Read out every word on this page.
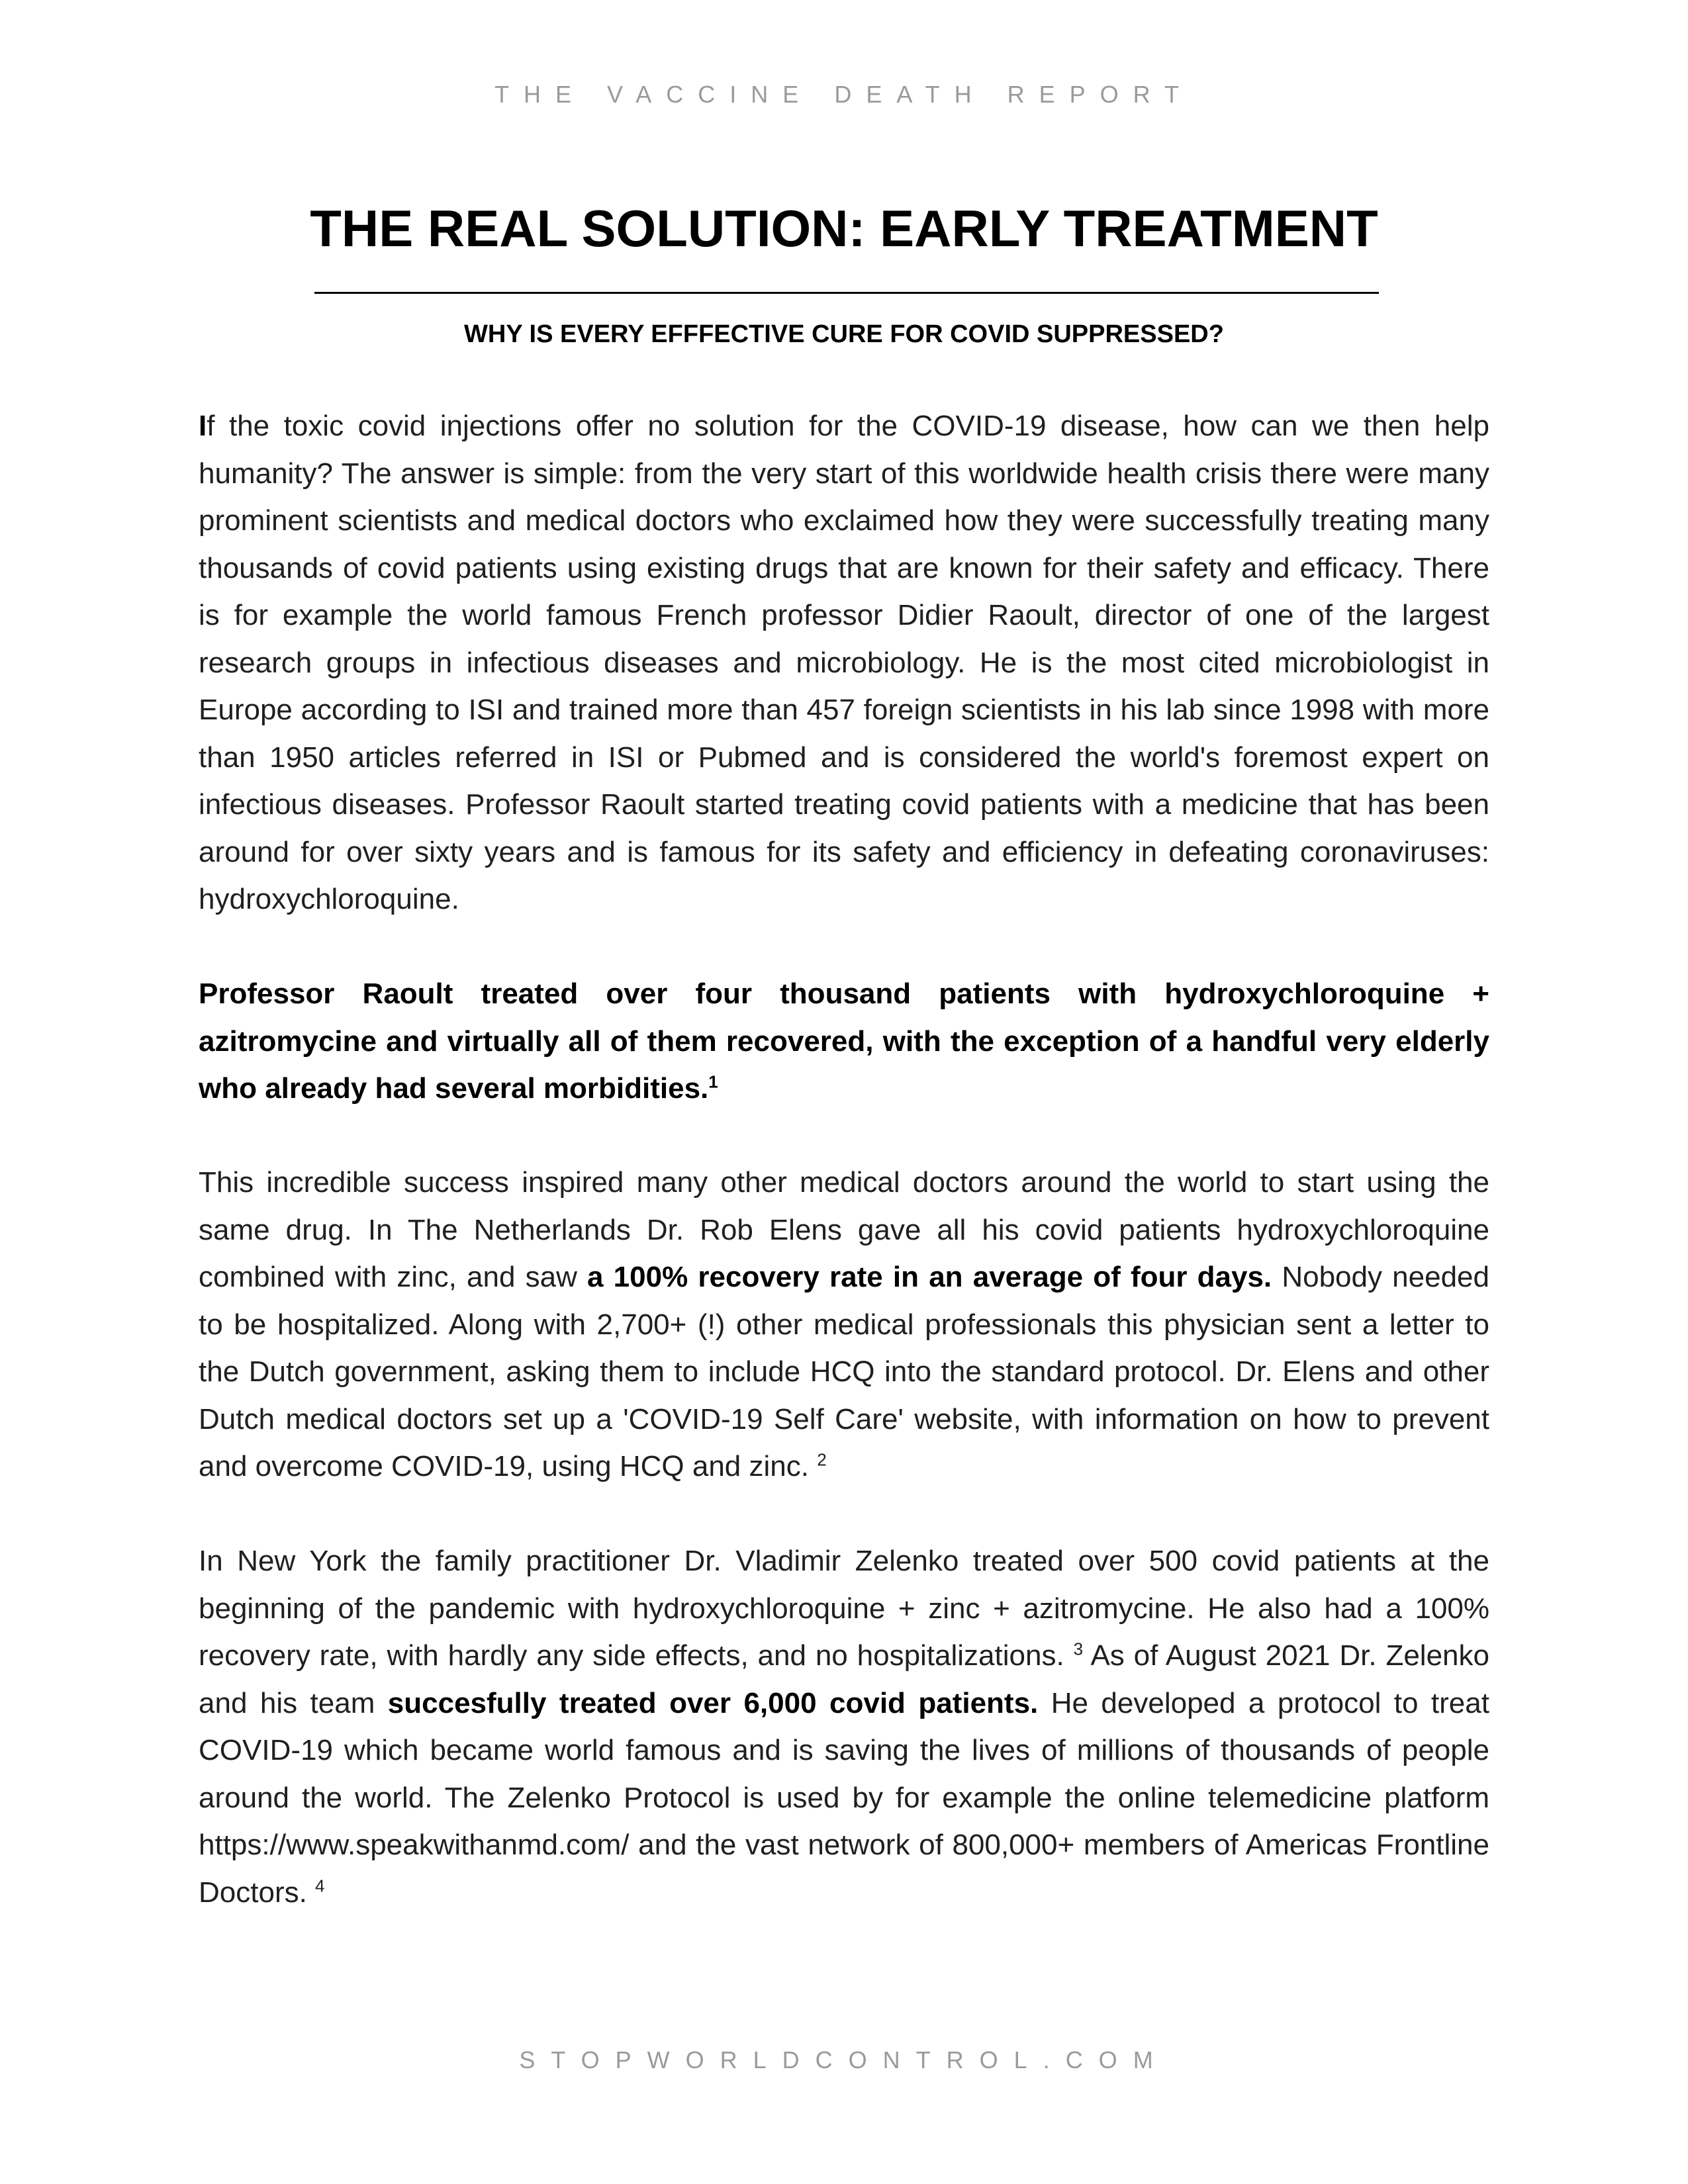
THE VACCINE DEATH REPORT
THE REAL SOLUTION: EARLY TREATMENT
WHY IS EVERY EFFFECTIVE CURE FOR COVID SUPPRESSED?

If the toxic covid injections offer no solution for the COVID-19 disease, how can we then help humanity? The answer is simple: from the very start of this worldwide health crisis there were many prominent scientists and medical doctors who exclaimed how they were successfully treating many thousands of covid patients using existing drugs that are known for their safety and efficacy. There is for example the world famous French professor Didier Raoult, director of one of the largest research groups in infectious diseases and microbiology. He is the most cited microbiologist in Europe according to ISI and trained more than 457 foreign scientists in his lab since 1998 with more than 1950 articles referred in ISI or Pubmed and is considered the world's foremost expert on infectious diseases. Professor Raoult started treating covid patients with a medicine that has been around for over sixty years and is famous for its safety and efficiency in defeating coronaviruses: hydroxychloroquine.

Professor Raoult treated over four thousand patients with hydroxychloroquine + azitromycine and virtually all of them recovered, with the exception of a handful very elderly who already had several morbidities.$^1$

This incredible success inspired many other medical doctors around the world to start using the same drug. In The Netherlands Dr. Rob Elens gave all his covid patients hydroxychloroquine combined with zinc, and saw a 100% recovery rate in an average of four days. Nobody needed to be hospitalized. Along with 2,700+ (!) other medical professionals this physician sent a letter to the Dutch government, asking them to include HCQ into the standard protocol. Dr. Elens and other Dutch medical doctors set up a 'COVID-19 Self Care' website, with information on how to prevent and overcome COVID-19, using HCQ and zinc. $^2$

In New York the family practitioner Dr. Vladimir Zelenko treated over 500 covid patients at the beginning of the pandemic with hydroxychloroquine + zinc + azitromycine. He also had a 100% recovery rate, with hardly any side effects, and no hospitalizations. $^3$ As of August 2021 Dr. Zelenko and his team succesfully treated over 6,000 covid patients. He developed a protocol to treat COVID-19 which became world famous and is saving the lives of millions of thousands of people around the world. The Zelenko Protocol is used by for example the online telemedicine platform https://www.speakwithanmd.com/ and the vast network of 800,000+ members of Americas Frontline Doctors. $^4$

STOPWORLDCONTROL.COM
